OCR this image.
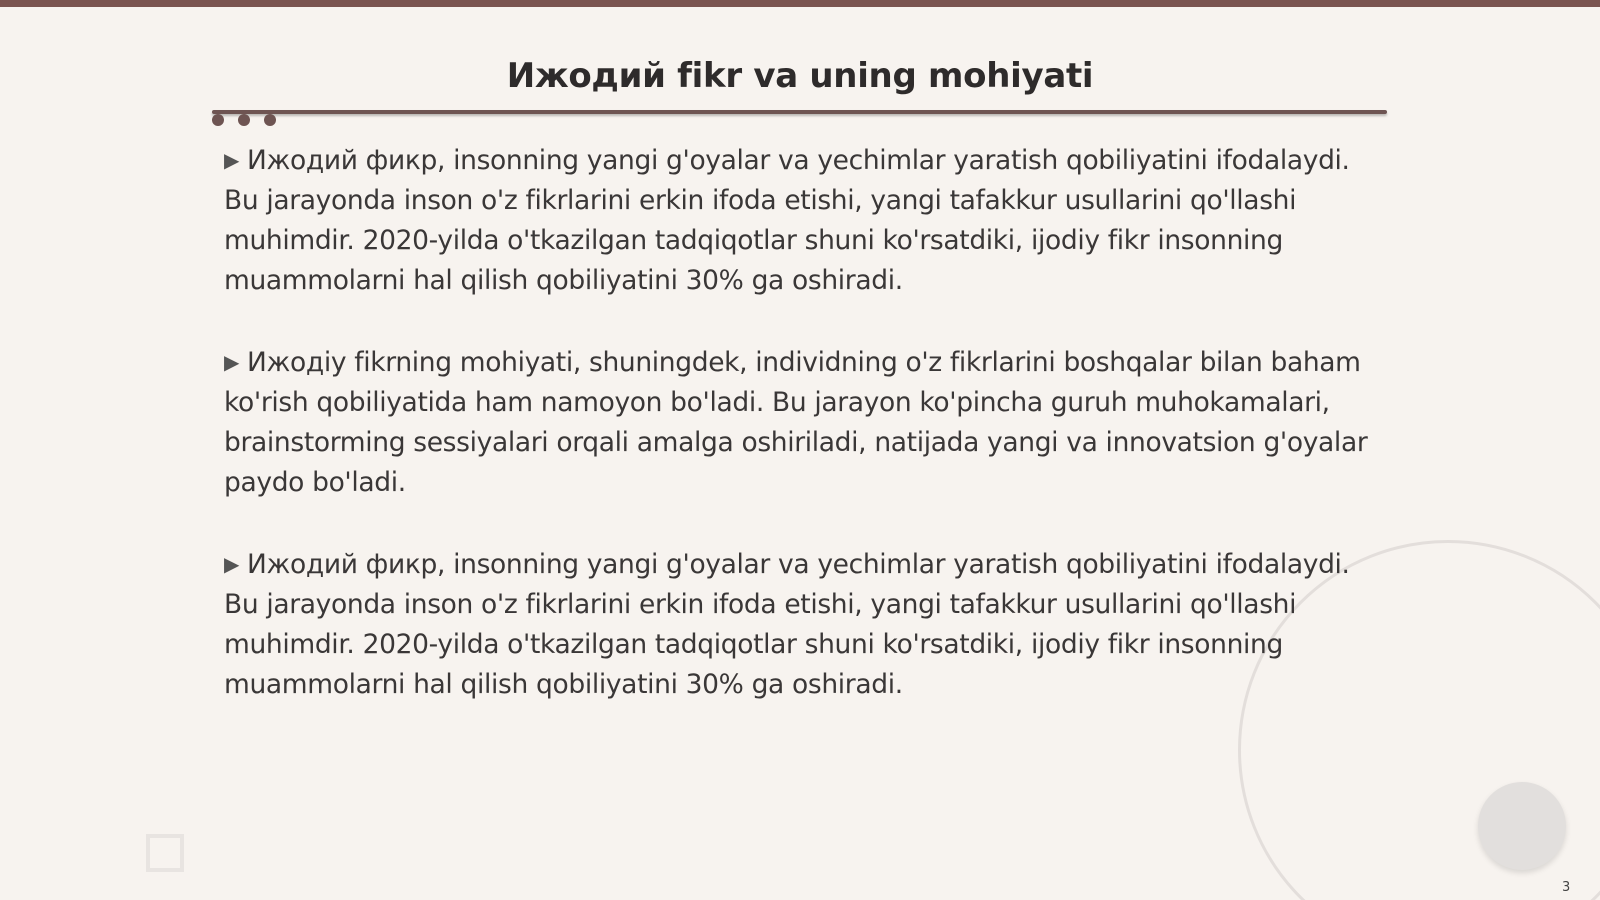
Ижодий fikr va uning mohiyati

▶ Ижодий фикр, insonning yangi g'oyalar va yechimlar yaratish qobiliyatini ifodalaydi. Bu jarayonda inson o'z fikrlarini erkin ifoda etishi, yangi tafakkur usullarini qo'llashi muhimdir. 2020-yilda o'tkazilgan tadqiqotlar shuni ko'rsatdiki, ijodiy fikr insonning muammolarni hal qilish qobiliyatini 30% ga oshiradi.

▶ Ижодiy fikrning mohiyati, shuningdek, individning o'z fikrlarini boshqalar bilan baham ko'rish qobiliyatida ham namoyon bo'ladi. Bu jarayon ko'pincha guruh muhokamalari, brainstorming sessiyalari orqali amalga oshiriladi, natijada yangi va innovatsion g'oyalar paydo bo'ladi.

▶ Ижодий фикр, insonning yangi g'oyalar va yechimlar yaratish qobiliyatini ifodalaydi. Bu jarayonda inson o'z fikrlarini erkin ifoda etishi, yangi tafakkur usullarini qo'llashi muhimdir. 2020-yilda o'tkazilgan tadqiqotlar shuni ko'rsatdiki, ijodiy fikr insonning muammolarni hal qilish qobiliyatini 30% ga oshiradi.

3
